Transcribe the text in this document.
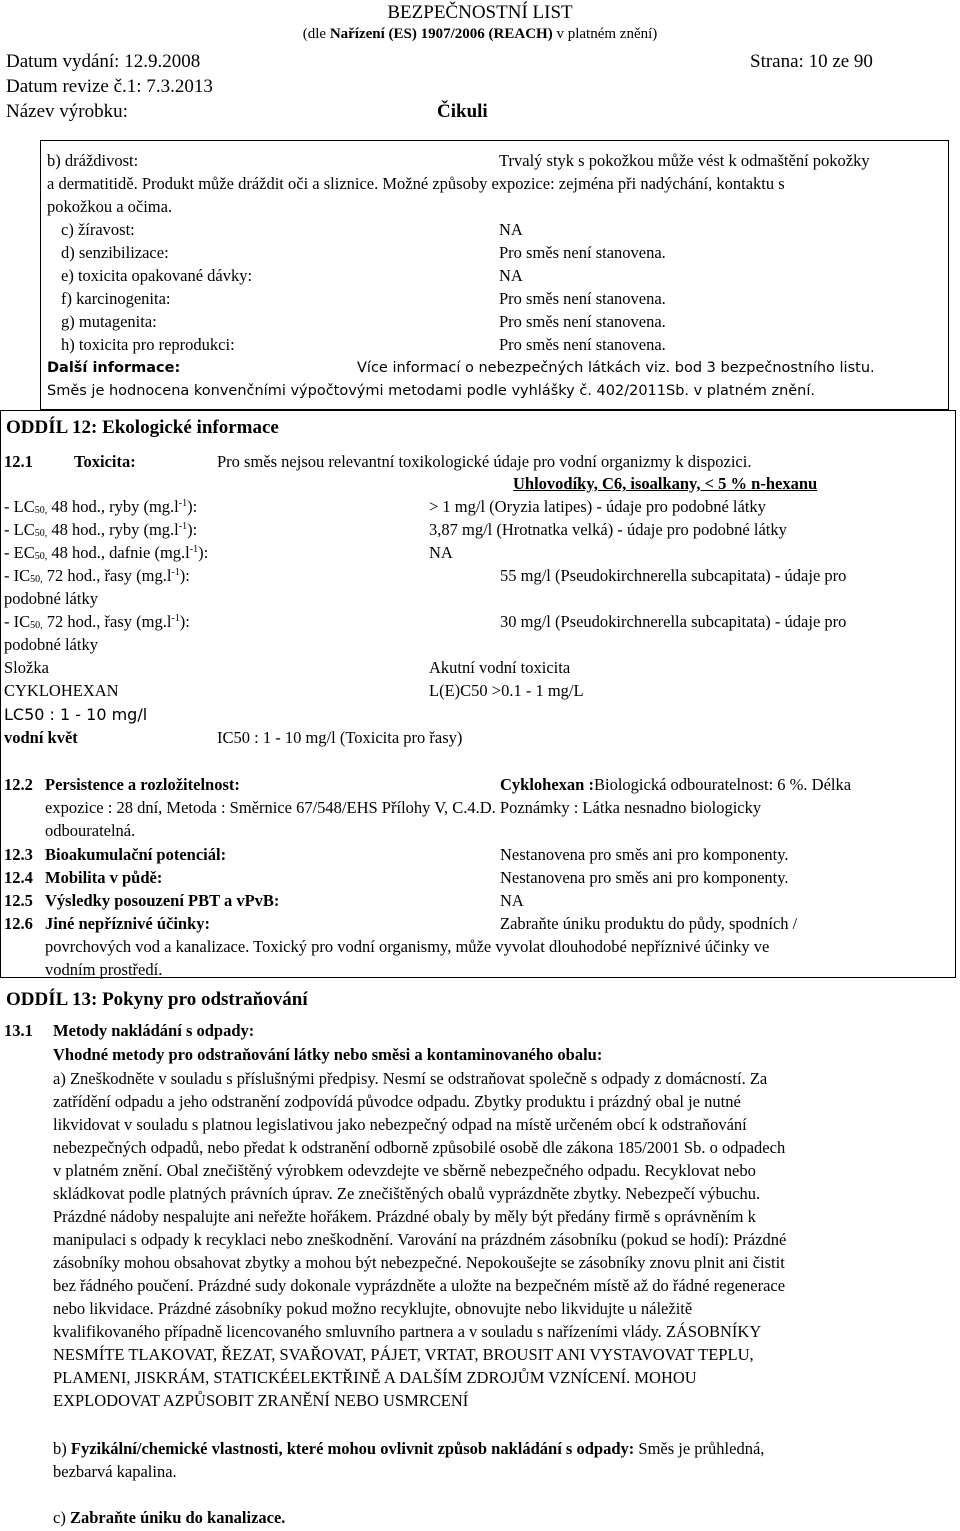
BEZPEČNOSTNÍ LIST
(dle Nařízení (ES) 1907/2006 (REACH) v platném znění)
Datum vydání: 12.9.2008	Strana: 10 ze 90
Datum revize č.1: 7.3.2013
Název výrobku:	Čikuli
b) dráždivost:	Trvalý styk s pokožkou může vést k odmaštění pokožky
a dermatitidě. Produkt může dráždit oči a sliznice. Možné způsoby expozice: zejména při nadýchání, kontaktu s
pokožkou a očima.
c) žíravost:	NA
d) senzibilizace:	Pro směs není stanovena.
e) toxicita opakované dávky:	NA
f) karcinogenita:	Pro směs není stanovena.
g) mutagenita:	Pro směs není stanovena.
h) toxicita pro reprodukci:	Pro směs není stanovena.
Další informace:	Více informací o nebezpečných látkách viz. bod 3 bezpečnostního listu.
Směs je hodnocena konvenčními výpočtovými metodami podle vyhlášky č. 402/2011Sb. v platném znění.
ODDÍL 12: Ekologické informace
12.1 Toxicita:	Pro směs nejsou relevantní toxikologické údaje pro vodní organizmy k dispozici.
Uhlovodíky, C6, isoalkany, < 5 % n-hexanu
- $LC_{50,}$ 48 hod., ryby $(mg.l^{-1})$:	> 1 mg/l (Oryzia latipes) - údaje pro podobné látky
- $LC_{50,}$ 48 hod., ryby $(mg.l^{-1})$:	3,87 mg/l (Hrotnatka velká) - údaje pro podobné látky
- $EC_{50,}$ 48 hod., dafnie $(mg.l^{-1})$:	NA
- $IC_{50,}$ 72 hod., řasy $(mg.l^{-1})$:	55 mg/l (Pseudokirchnerella subcapitata) - údaje pro
podobné látky
- $IC_{50,}$ 72 hod., řasy $(mg.l^{-1})$:	30 mg/l (Pseudokirchnerella subcapitata) - údaje pro
podobné látky
Složka	Akutní vodní toxicita
CYKLOHEXAN	L(E)C50 >0.1 - 1 mg/L
LC50 : 1 - 10 mg/l
vodní květ	IC50 : 1 - 10 mg/l (Toxicita pro řasy)
12.2 Persistence a rozložitelnost:	Cyklohexan :Biologická odbouratelnost: 6 %. Délka
expozice : 28 dní, Metoda : Směrnice 67/548/EHS Přílohy V, C.4.D. Poznámky : Látka nesnadno biologicky
odbouratelná.
12.3 Bioakumulační potenciál:	Nestanovena pro směs ani pro komponenty.
12.4 Mobilita v půdě:	Nestanovena pro směs ani pro komponenty.
12.5 Výsledky posouzení PBT a vPvB:	NA
12.6 Jiné nepříznivé účinky:	Zabraňte úniku produktu do půdy, spodních /
povrchových vod a kanalizace. Toxický pro vodní organismy, může vyvolat dlouhodobé nepříznivé účinky ve
vodním prostředí.
ODDÍL 13: Pokyny pro odstraňování
13.1 Metody nakládání s odpady:
Vhodné metody pro odstraňování látky nebo směsi a kontaminovaného obalu:
a) Zneškodněte v souladu s příslušnými předpisy. Nesmí se odstraňovat společně s odpady z domácností. Za
zatřídění odpadu a jeho odstranění zodpovídá původce odpadu. Zbytky produktu i prázdný obal je nutné
likvidovat v souladu s platnou legislativou jako nebezpečný odpad na místě určeném obcí k odstraňování
nebezpečných odpadů, nebo předat k odstranění odborně způsobilé osobě dle zákona 185/2001 Sb. o odpadech
v platném znění. Obal znečištěný výrobkem odevzdejte ve sběrně nebezpečného odpadu. Recyklovat nebo
skládkovat podle platných právních úprav. Ze znečištěných obalů vyprázdněte zbytky. Nebezpečí výbuchu.
Prázdné nádoby nespalujte ani neřežte hořákem. Prázdné obaly by měly být předány firmě s oprávněním k
manipulaci s odpady k recyklaci nebo zneškodnění. Varování na prázdném zásobníku (pokud se hodí): Prázdné
zásobníky mohou obsahovat zbytky a mohou být nebezpečné. Nepokoušejte se zásobníky znovu plnit ani čistit
bez řádného poučení. Prázdné sudy dokonale vyprázdněte a uložte na bezpečném místě až do řádné regenerace
nebo likvidace. Prázdné zásobníky pokud možno recyklujte, obnovujte nebo likvidujte u náležitě
kvalifikovaného případně licencovaného smluvního partnera a v souladu s nařízeními vlády. ZÁSOBNÍKY
NESMÍTE TLAKOVAT, ŘEZAT, SVAŘOVAT, PÁJET, VRTAT, BROUSIT ANI VYSTAVOVAT TEPLU,
PLAMENI, JISKRÁM, STATICKÉELEKTŘINĚ A DALŠÍM ZDROJŮM VZNÍCENÍ. MOHOU
EXPLODOVAT AZPŮSOBIT ZRANĚNÍ NEBO USMRCENÍ
b) Fyzikální/chemické vlastnosti, které mohou ovlivnit způsob nakládání s odpady: Směs je průhledná,
bezbarvá kapalina.
c) Zabraňte úniku do kanalizace.
